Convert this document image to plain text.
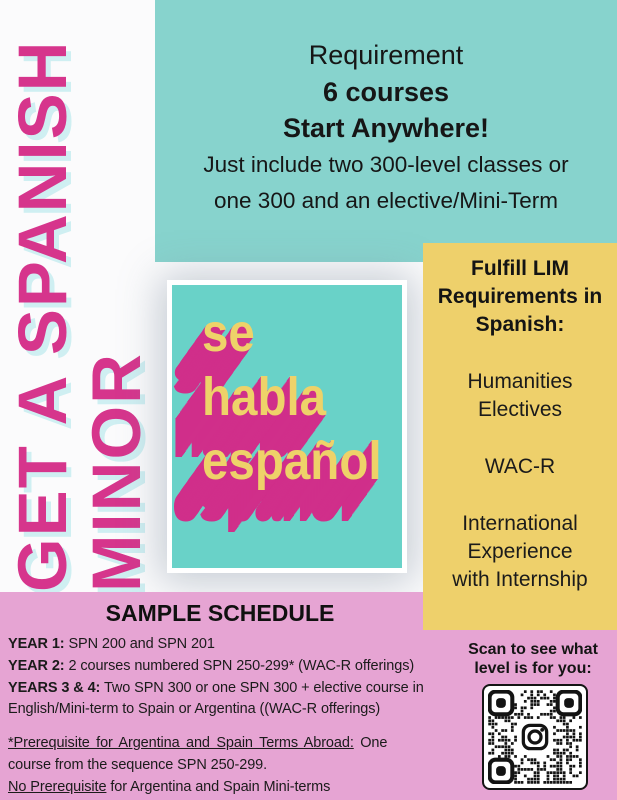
GET A SPANISH
MINOR
Requirement
6 courses
Start Anywhere!
Just include two 300-level classes or
one 300 and an elective/Mini-Term
se
habla
español
Fulfill LIM
Requirements in
Spanish:
Humanities
Electives
WAC-R
International
Experience
with Internship
SAMPLE SCHEDULE
YEAR 1: SPN 200 and SPN 201
YEAR 2: 2 courses numbered SPN 250-299* (WAC-R offerings)
YEARS 3 & 4: Two SPN 300 or one SPN 300 + elective course in
English/Mini-term to Spain or Argentina ((WAC-R offerings)
*Prerequisite for Argentina and Spain Terms Abroad: One
course from the sequence SPN 250-299.
No Prerequisite for Argentina and Spain Mini-terms
Scan to see what
level is for you:
